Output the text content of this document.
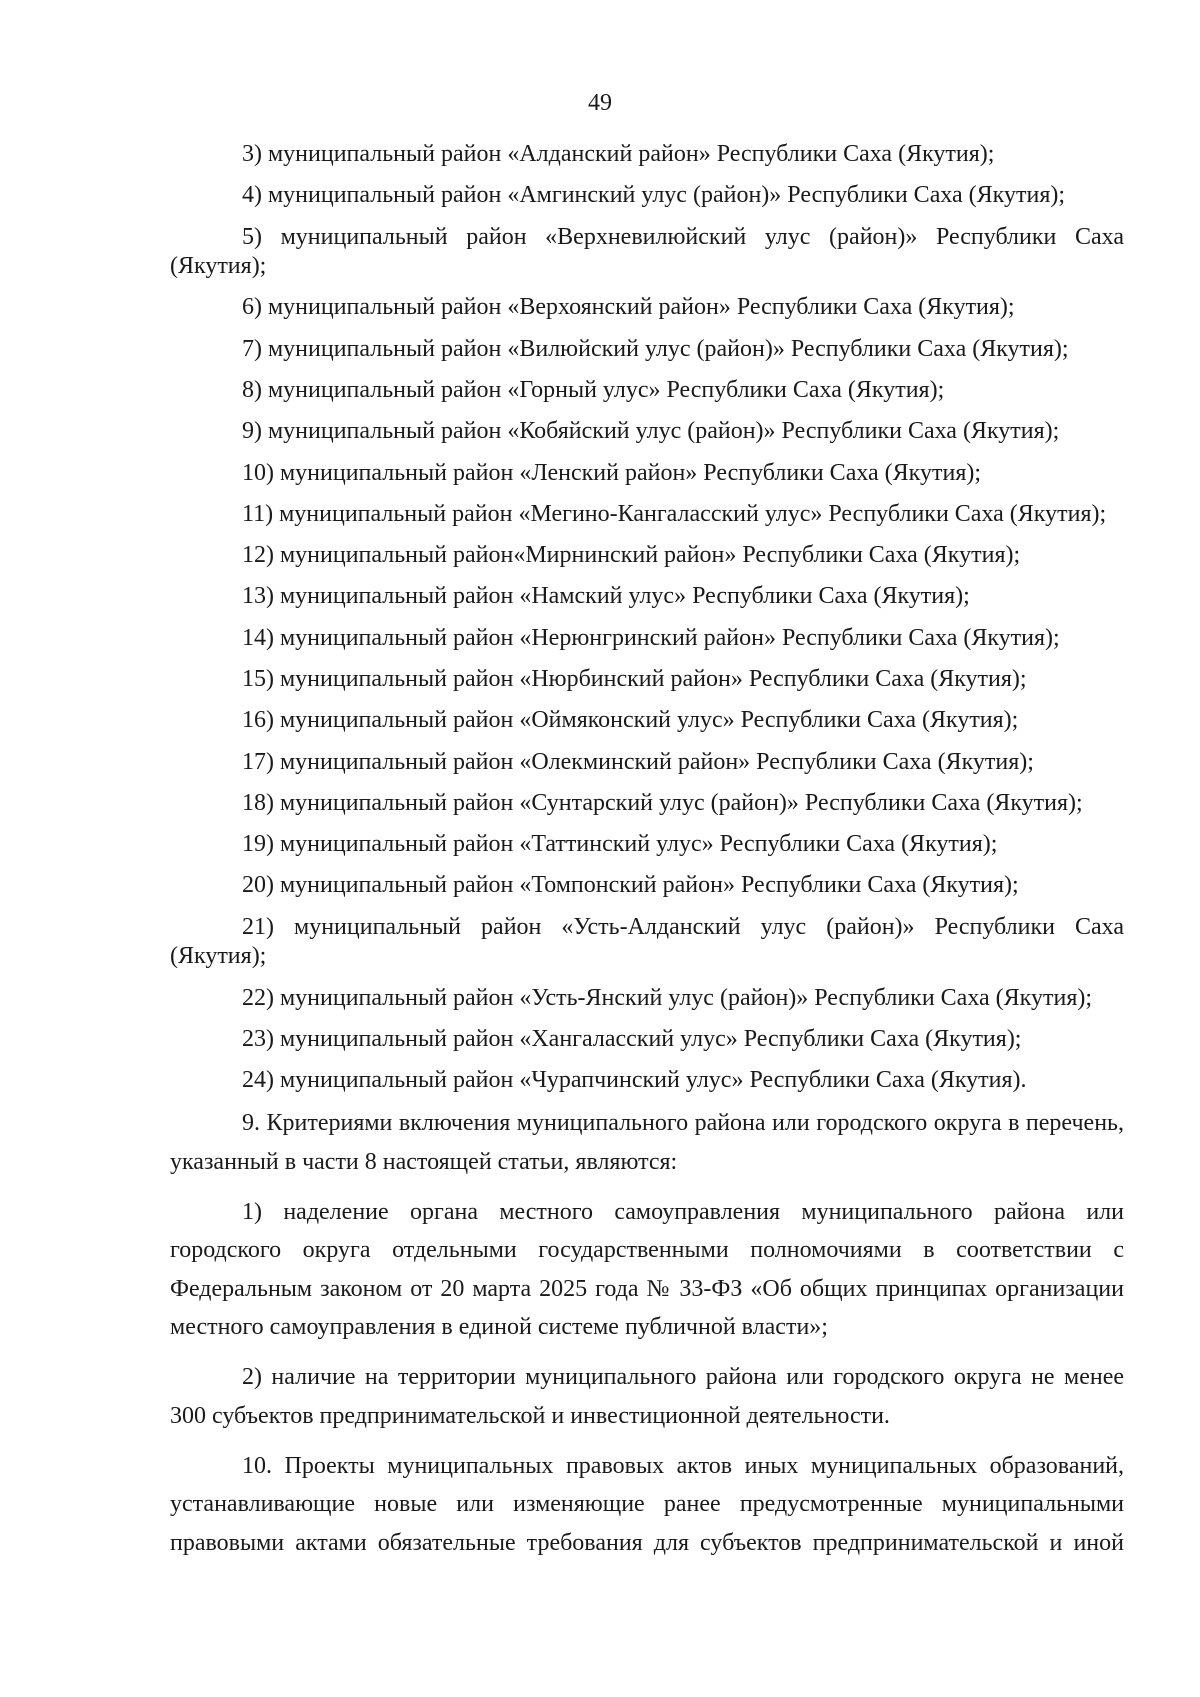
49

3) муниципальный район «Алданский район» Республики Саха (Якутия);

4) муниципальный район «Амгинский улус (район)» Республики Саха (Якутия);

5) муниципальный район «Верхневилюйский улус (район)» Республики Саха (Якутия);

6) муниципальный район «Верхоянский район» Республики Саха (Якутия);

7) муниципальный район «Вилюйский улус (район)» Республики Саха (Якутия);

8) муниципальный район «Горный улус» Республики Саха (Якутия);

9) муниципальный район «Кобяйский улус (район)» Республики Саха (Якутия);

10) муниципальный район «Ленский район» Республики Саха (Якутия);

11) муниципальный район «Мегино-Кангаласский улус» Республики Саха (Якутия);

12) муниципальный район«Мирнинский район» Республики Саха (Якутия);

13) муниципальный район «Намский улус» Республики Саха (Якутия);

14) муниципальный район «Нерюнгринский район» Республики Саха (Якутия);

15) муниципальный район «Нюрбинский район» Республики Саха (Якутия);

16) муниципальный район «Оймяконский улус» Республики Саха (Якутия);

17) муниципальный район «Олекминский район» Республики Саха (Якутия);

18) муниципальный район «Сунтарский улус (район)» Республики Саха (Якутия);

19) муниципальный район «Таттинский улус» Республики Саха (Якутия);

20) муниципальный район «Томпонский район» Республики Саха (Якутия);

21) муниципальный район «Усть-Алданский улус (район)» Республики Саха (Якутия);

22) муниципальный район «Усть-Янский улус (район)» Республики Саха (Якутия);

23) муниципальный район «Хангаласский улус» Республики Саха (Якутия);

24) муниципальный район «Чурапчинский улус» Республики Саха (Якутия).

9. Критериями включения муниципального района или городского округа в перечень, указанный в части 8 настоящей статьи, являются:

1) наделение органа местного самоуправления муниципального района или городского округа отдельными государственными полномочиями в соответствии с Федеральным законом от 20 марта 2025 года № 33-ФЗ «Об общих принципах организации местного самоуправления в единой системе публичной власти»;

2) наличие на территории муниципального района или городского округа не менее 300 субъектов предпринимательской и инвестиционной деятельности.

10. Проекты муниципальных правовых актов иных муниципальных образований, устанавливающие новые или изменяющие ранее предусмотренные муниципальными правовыми актами обязательные требования для субъектов предпринимательской и иной
